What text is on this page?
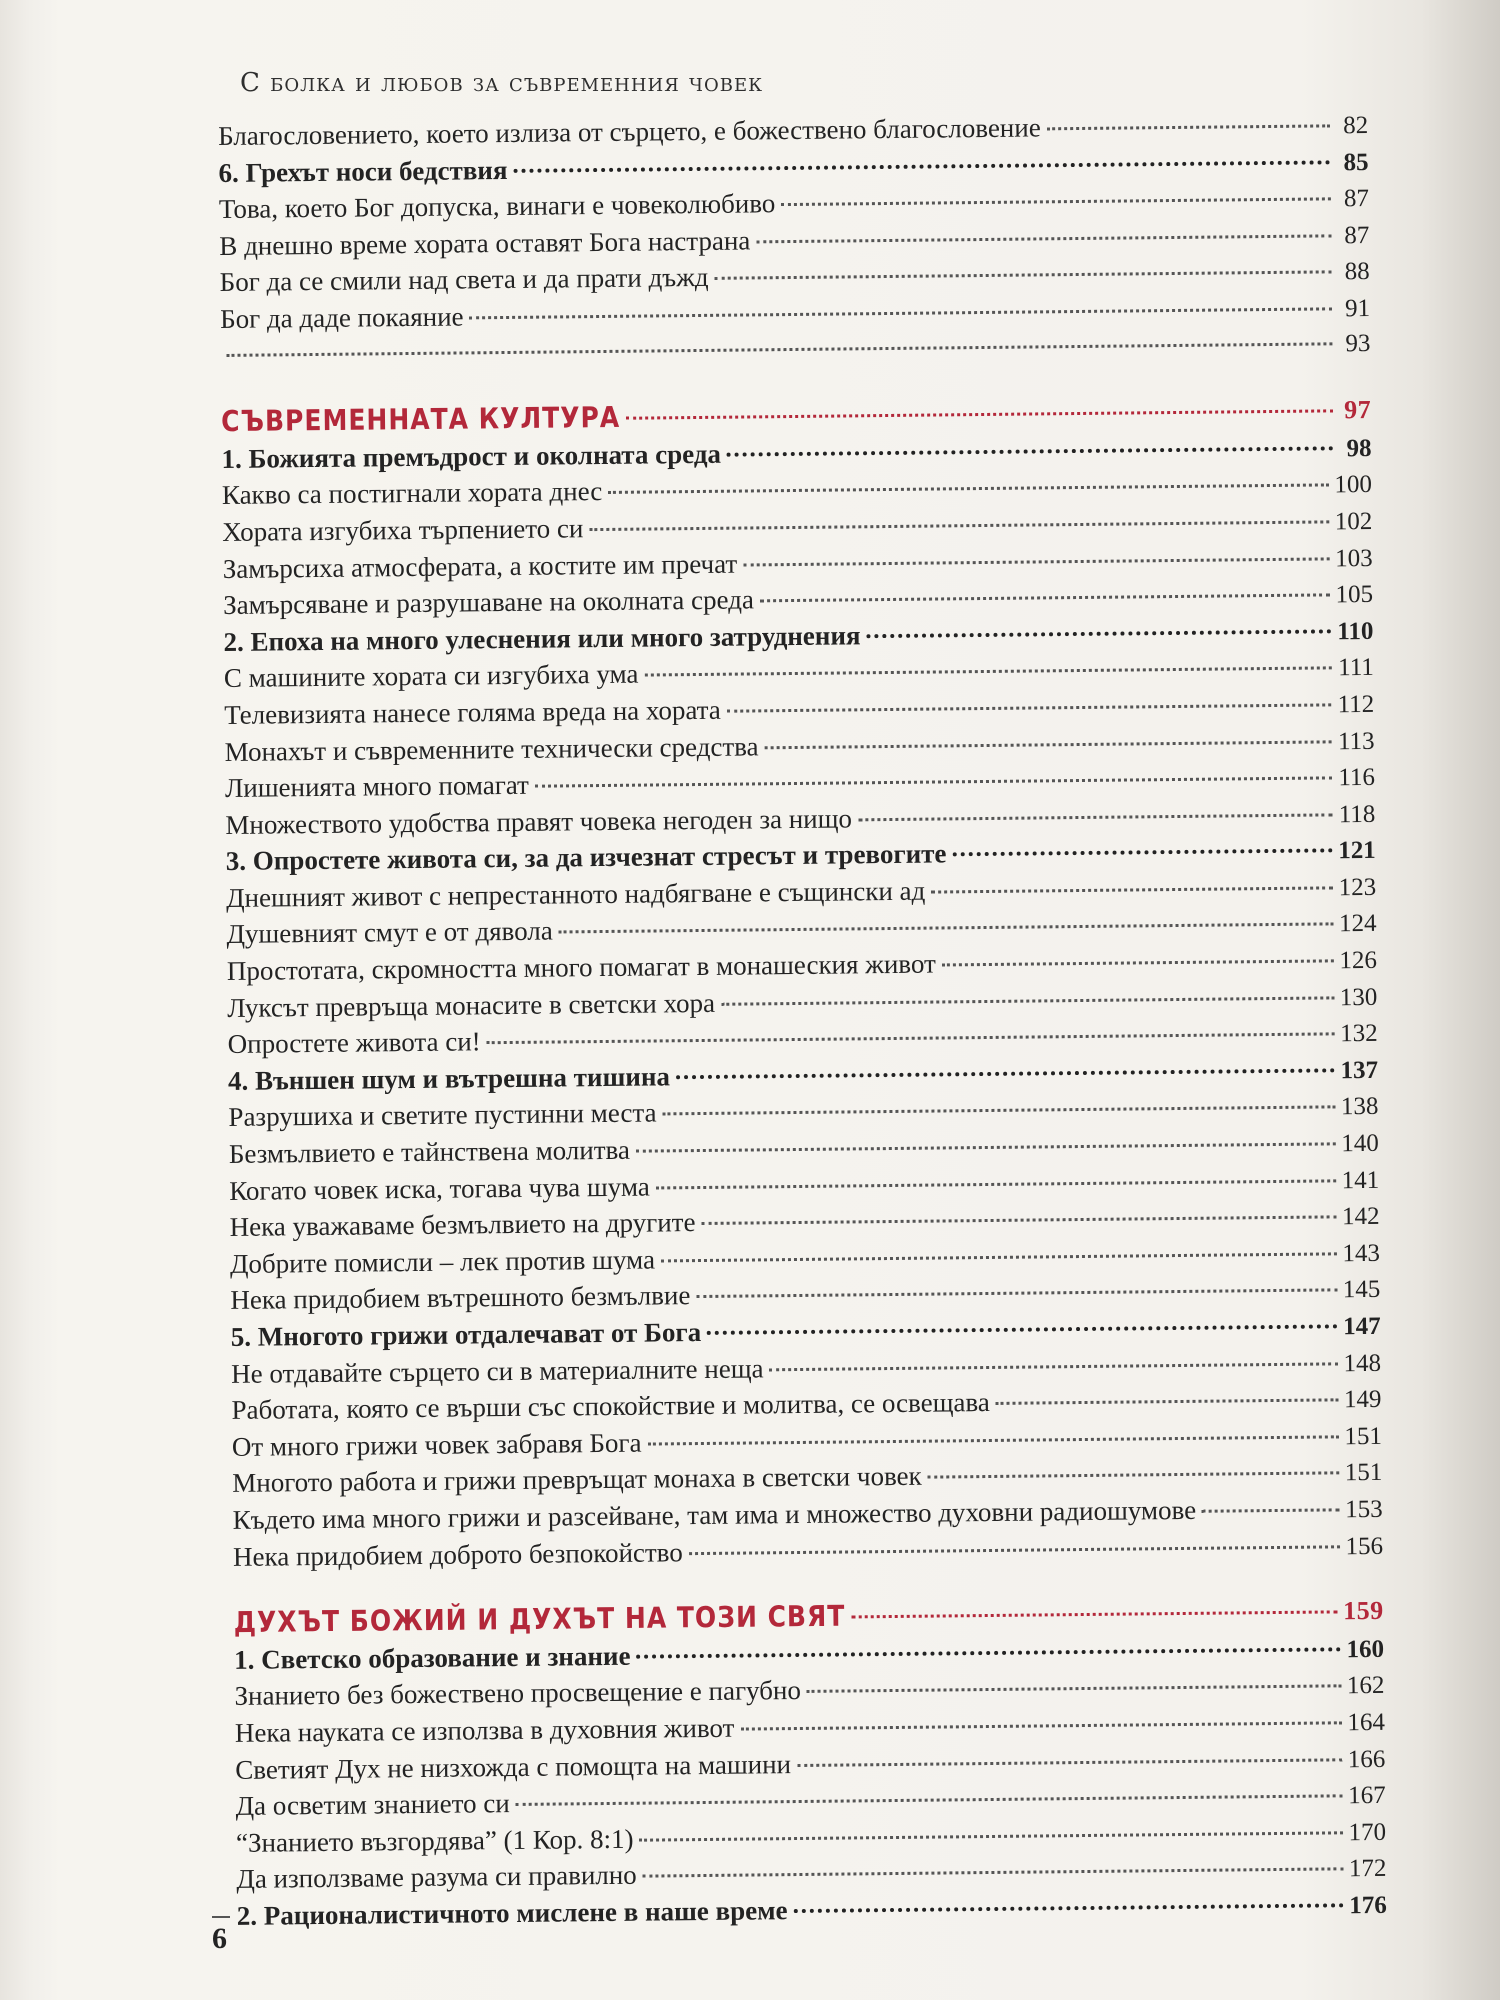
С болка и любов за съвременния човек
Благословението, което излиза от сърцето, е божествено благословение	82
6. Грехът носи бедствия	85
Това, което Бог допуска, винаги е човеколюбиво	87
В днешно време хората оставят Бога настрана	87
Бог да се смили над света и да прати дъжд	88
Бог да даде покаяние	91
93
СЪВРЕМЕННАТА КУЛТУРА	97
1. Божията премъдрост и околната среда	98
Какво са постигнали хората днес	100
Хората изгубиха търпението си	102
Замърсиха атмосферата, а костите им пречат	103
Замърсяване и разрушаване на околната среда	105
2. Епоха на много улеснения или много затруднения	110
С машините хората си изгубиха ума	111
Телевизията нанесе голяма вреда на хората	112
Монахът и съвременните технически средства	113
Лишенията много помагат	116
Множеството удобства правят човека негоден за нищо	118
3. Опростете живота си, за да изчезнат стресът и тревогите	121
Днешният живот с непрестанното надбягване е същински ад	123
Душевният смут е от дявола	124
Простотата, скромността много помагат в монашеския живот	126
Луксът превръща монасите в светски хора	130
Опростете живота си!	132
4. Външен шум и вътрешна тишина	137
Разрушиха и светите пустинни места	138
Безмълвието е тайнствена молитва	140
Когато човек иска, тогава чува шума	141
Нека уважаваме безмълвието на другите	142
Добрите помисли – лек против шума	143
Нека придобием вътрешното безмълвие	145
5. Многото грижи отдалечават от Бога	147
Не отдавайте сърцето си в материалните неща	148
Работата, която се върши със спокойствие и молитва, се освещава	149
От много грижи човек забравя Бога	151
Многото работа и грижи превръщат монаха в светски човек	151
Където има много грижи и разсейване, там има и множество духовни радиошумове	153
Нека придобием доброто безпокойство	156
ДУХЪТ БОЖИЙ И ДУХЪТ НА ТОЗИ СВЯТ	159
1. Светско образование и знание	160
Знанието без божествено просвещение е пагубно	162
Нека науката се използва в духовния живот	164
Светият Дух не низхожда с помощта на машини	166
Да осветим знанието си	167
“Знанието възгордява” (1 Кор. 8:1)	170
Да използваме разума си правилно	172
2. Рационалистичното мислене в наше време	176
6
